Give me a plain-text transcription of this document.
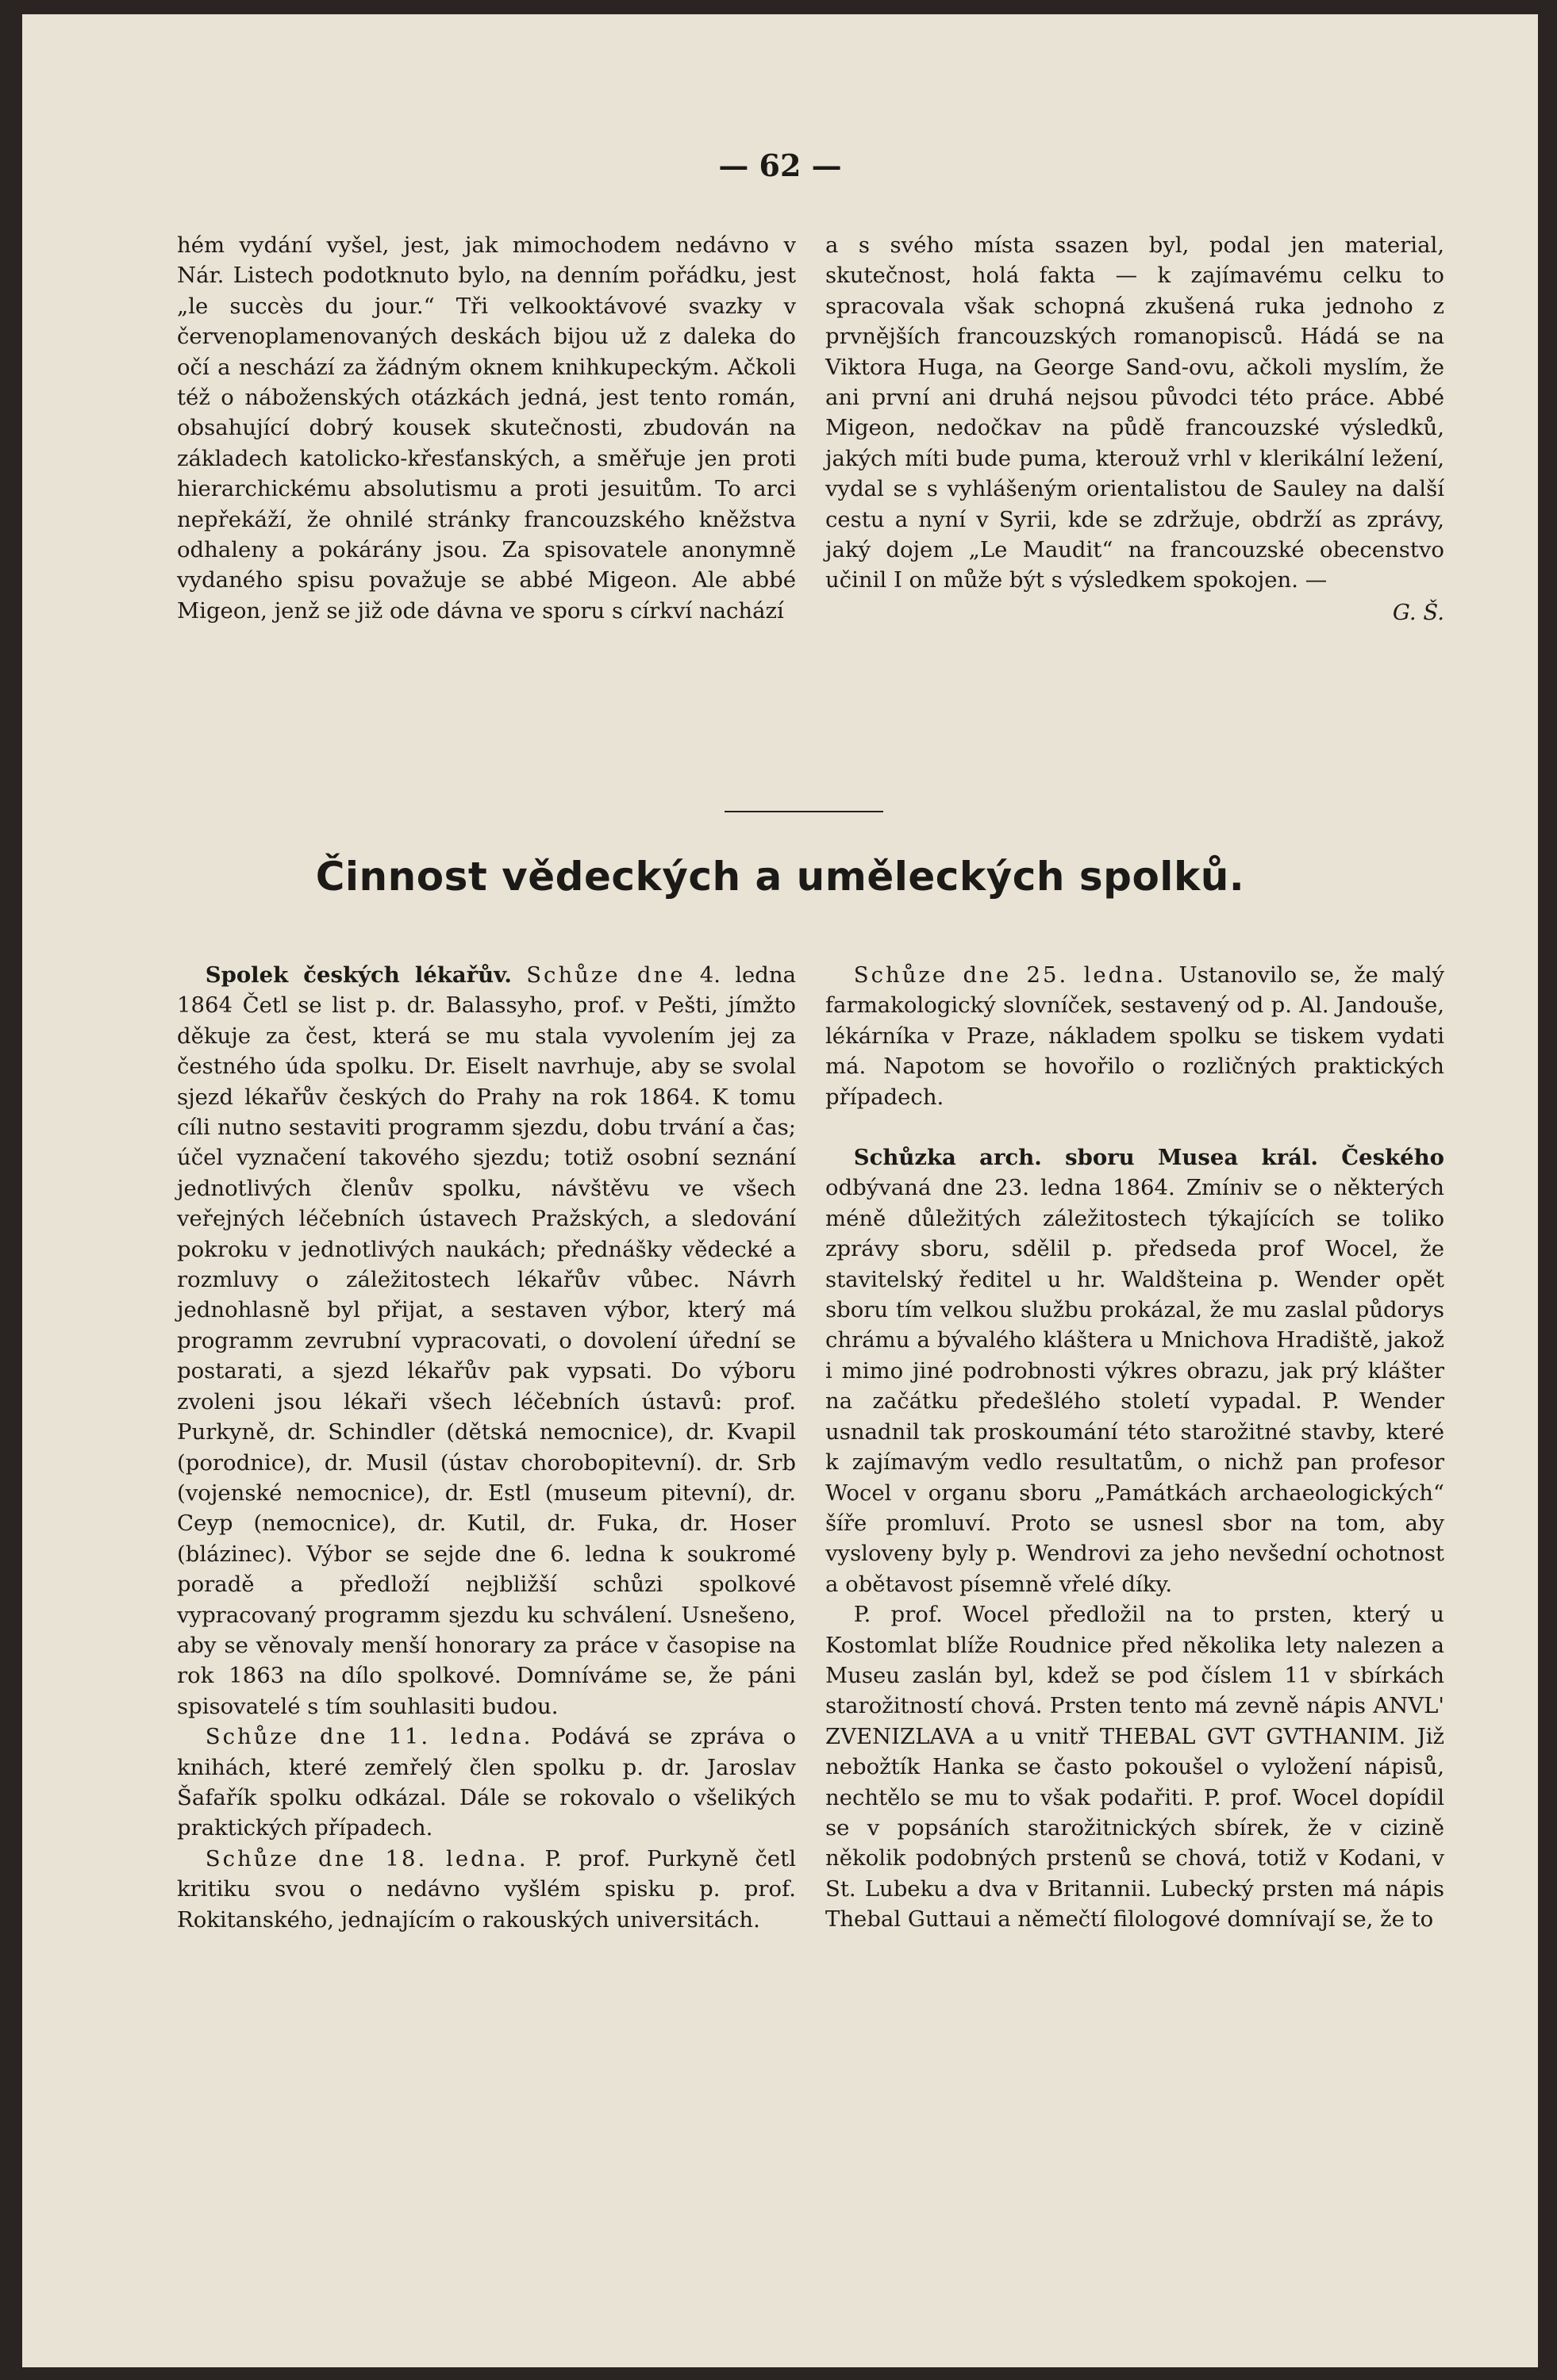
— 62 —

hém vydání vyšel, jest, jak mimochodem nedávno v Nár. Listech podotknuto bylo, na denním pořádku, jest „le succès du jour.“ Tři velkooktávové svazky v červenoplamenovaných deskách bijou už z daleka do očí a neschází za žádným oknem knihkupeckým. Ačkoli též o náboženských otázkách jedná, jest tento román, obsahující dobrý kousek skutečnosti, zbudován na základech katolicko-křesťanských, a směřuje jen proti hierarchickému absolutismu a proti jesuitům. To arci nepřekáží, že ohnilé stránky francouzského kněžstva odhaleny a pokárány jsou. Za spisovatele anonymně vydaného spisu považuje se abbé Migeon. Ale abbé Migeon, jenž se již ode dávna ve sporu s církví nachází

a s svého místa ssazen byl, podal jen material, skutečnost, holá fakta — k zajímavému celku to spracovala však schopná zkušená ruka jednoho z prvnějších francouzských romanopisců. Hádá se na Viktora Huga, na George Sand-ovu, ačkoli myslím, že ani první ani druhá nejsou původci této práce. Abbé Migeon, nedočkav na půdě francouzské výsledků, jakých míti bude puma, kterouž vrhl v klerikální ležení, vydal se s vyhlášeným orientalistou de Sauley na další cestu a nyní v Syrii, kde se zdržuje, obdrží as zprávy, jaký dojem „Le Maudit“ na francouzské obecenstvo učinil I on může být s výsledkem spokojen. —

G. Š.
Činnost vědeckých a uměleckých spolků.

Spolek českých lékařův. Schůze dne 4. ledna 1864 Četl se list p. dr. Balassyho, prof. v Pešti, jímžto děkuje za čest, která se mu stala vyvolením jej za čestného úda spolku. Dr. Eiselt navrhuje, aby se svolal sjezd lékařův českých do Prahy na rok 1864. K tomu cíli nutno sestaviti programm sjezdu, dobu trvání a čas; účel vyznačení takového sjezdu; totiž osobní seznání jednotlivých členův spolku, návštěvu ve všech veřejných léčebních ústavech Pražských, a sledování pokroku v jednotlivých naukách; přednášky vědecké a rozmluvy o záležitostech lékařův vůbec. Návrh jednohlasně byl přijat, a sestaven výbor, který má programm zevrubní vypracovati, o dovolení úřední se postarati, a sjezd lékařův pak vypsati. Do výboru zvoleni jsou lékaři všech léčebních ústavů: prof. Purkyně, dr. Schindler (dětská nemocnice), dr. Kvapil (porodnice), dr. Musil (ústav chorobopitevní). dr. Srb (vojenské nemocnice), dr. Estl (museum pitevní), dr. Ceyp (nemocnice), dr. Kutil, dr. Fuka, dr. Hoser (blázinec). Výbor se sejde dne 6. ledna k soukromé poradě a předloží nejbližší schůzi spolkové vypracovaný programm sjezdu ku schválení. Usnešeno, aby se věnovaly menší honorary za práce v časopise na rok 1863 na dílo spolkové. Domníváme se, že páni spisovatelé s tím souhlasiti budou.

Schůze dne 11. ledna. Podává se zpráva o knihách, které zemřelý člen spolku p. dr. Jaroslav Šafařík spolku odkázal. Dále se rokovalo o všelikých praktických případech.

Schůze dne 18. ledna. P. prof. Purkyně četl kritiku svou o nedávno vyšlém spisku p. prof. Rokitanského, jednajícím o rakouských universitách.

Schůze dne 25. ledna. Ustanovilo se, že malý farmakologický slovníček, sestavený od p. Al. Jandouše, lékárníka v Praze, nákladem spolku se tiskem vydati má. Napotom se hovořilo o rozličných praktických případech.

Schůzka arch. sboru Musea král. Českého odbývaná dne 23. ledna 1864. Zmíniv se o některých méně důležitých záležitostech týkajících se toliko zprávy sboru, sdělil p. předseda prof Wocel, že stavitelský ředitel u hr. Waldšteina p. Wender opět sboru tím velkou službu prokázal, že mu zaslal půdorys chrámu a bývalého kláštera u Mnichova Hradiště, jakož i mimo jiné podrobnosti výkres obrazu, jak prý klášter na začátku předešlého století vypadal. P. Wender usnadnil tak proskoumání této starožitné stavby, které k zajímavým vedlo resultatům, o nichž pan profesor Wocel v organu sboru „Památkách archaeologických“ šíře promluví. Proto se usnesl sbor na tom, aby vysloveny byly p. Wendrovi za jeho nevšední ochotnost a obětavost písemně vřelé díky.

P. prof. Wocel předložil na to prsten, který u Kostomlat blíže Roudnice před několika lety nalezen a Museu zaslán byl, kdež se pod číslem 11 v sbírkách starožitností chová. Prsten tento má zevně nápis ANVL' ZVENIZLAVA a u vnitř THEBAL GVT GVTHANIM. Již nebožtík Hanka se často pokoušel o vyložení nápisů, nechtělo se mu to však podařiti. P. prof. Wocel dopídil se v popsáních starožitnických sbírek, že v cizině několik podobných prstenů se chová, totiž v Kodani, v St. Lubeku a dva v Britannii. Lubecký prsten má nápis Thebal Guttaui a němečtí filologové domnívají se, že to
